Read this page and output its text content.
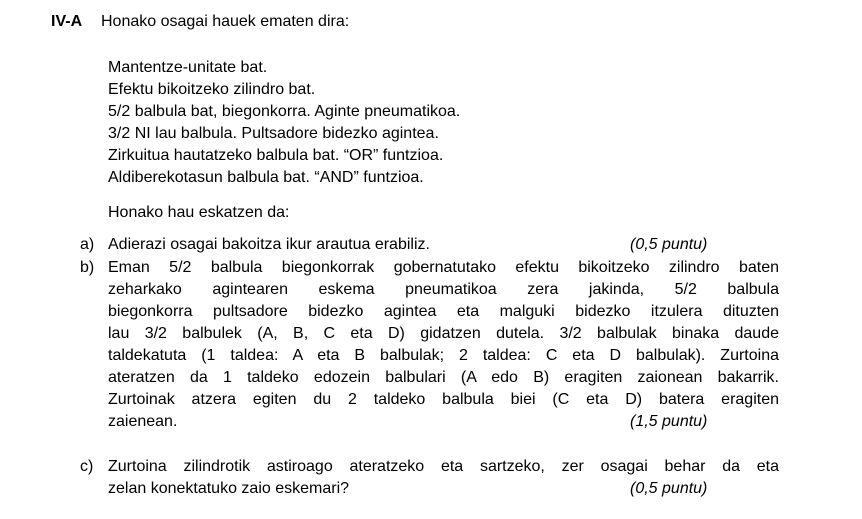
IV-A Honako osagai hauek ematen dira:
Mantentze-unitate bat.
Efektu bikoitzeko zilindro bat.
5/2 balbula bat, biegonkorra. Aginte pneumatikoa.
3/2 NI lau balbula. Pultsadore bidezko agintea.
Zirkuitua hautatzeko balbula bat. “OR” funtzioa.
Aldiberekotasun balbula bat. “AND” funtzioa.
Honako hau eskatzen da:
a) Adierazi osagai bakoitza ikur arautua erabiliz.	(0,5 puntu)
b) Eman 5/2 balbula biegonkorrak gobernatutako efektu bikoitzeko zilindro baten
zeharkako agintearen eskema pneumatikoa zera jakinda, 5/2 balbula
biegonkorra pultsadore bidezko agintea eta malguki bidezko itzulera dituzten
lau 3/2 balbulek (A, B, C eta D) gidatzen dutela. 3/2 balbulak binaka daude
taldekatuta (1 taldea: A eta B balbulak; 2 taldea: C eta D balbulak). Zurtoina
ateratzen da 1 taldeko edozein balbulari (A edo B) eragiten zaionean bakarrik.
Zurtoinak atzera egiten du 2 taldeko balbula biei (C eta D) batera eragiten
zaienean.	(1,5 puntu)
c) Zurtoina zilindrotik astiroago ateratzeko eta sartzeko, zer osagai behar da eta
zelan konektatuko zaio eskemari?	(0,5 puntu)
